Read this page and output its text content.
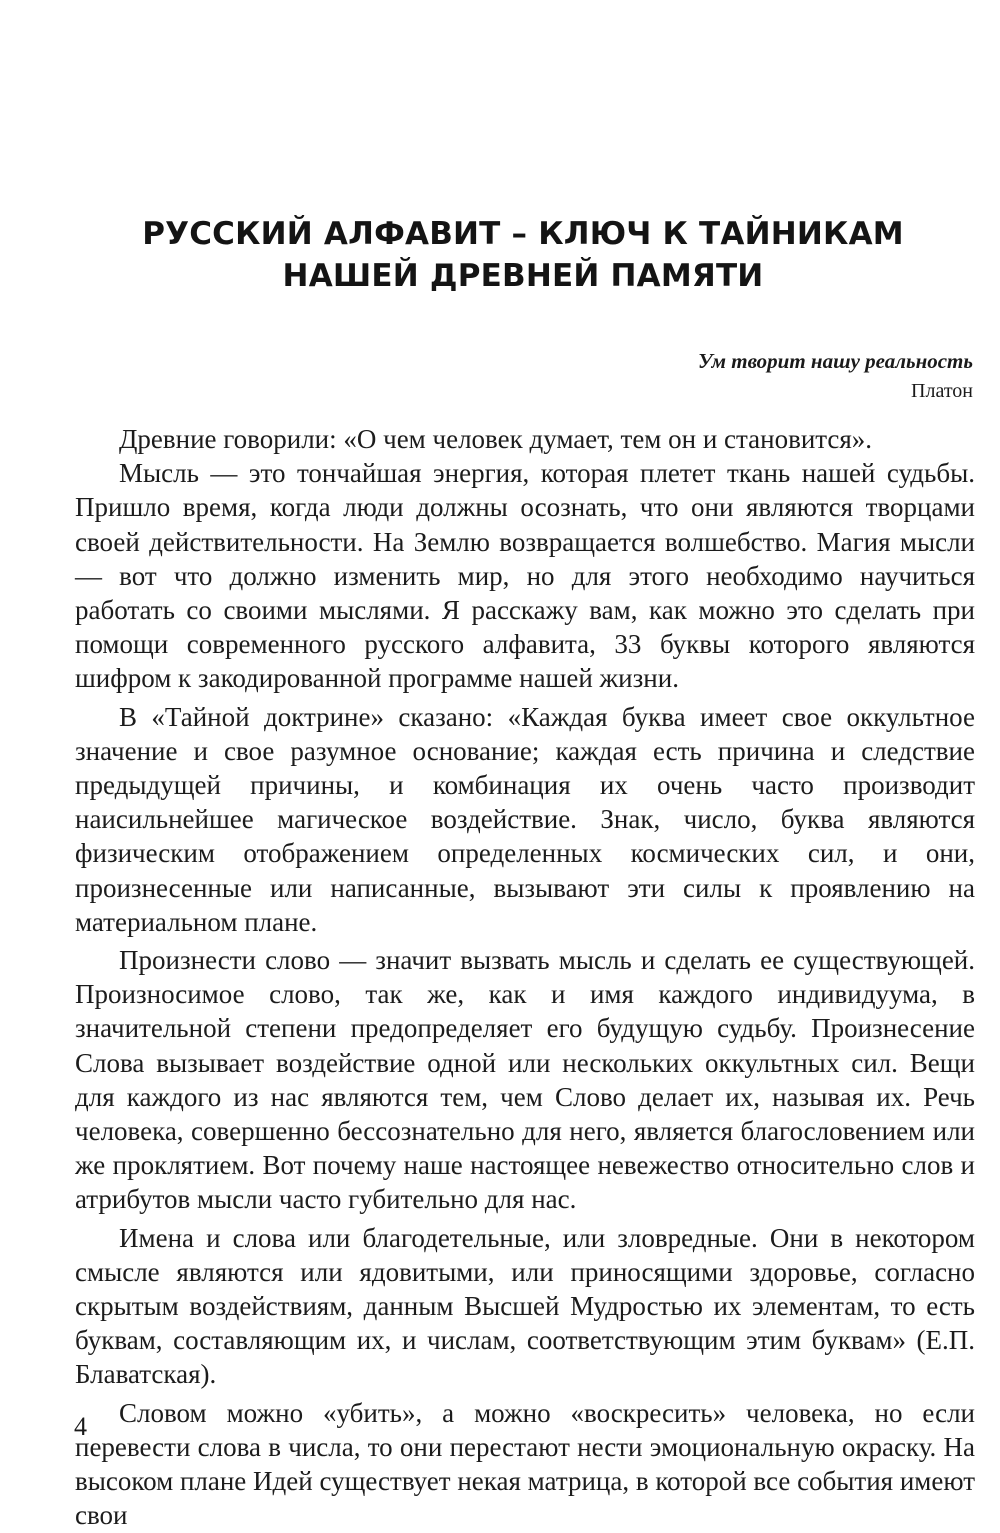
РУССКИЙ АЛФАВИТ – КЛЮЧ К ТАЙНИКАМ
НАШЕЙ ДРЕВНЕЙ ПАМЯТИ
Ум творит нашу реальность
Платон

Древние говорили: «О чем человек думает, тем он и становится».

Мысль — это тончайшая энергия, которая плетет ткань нашей судьбы. Пришло время, когда люди должны осознать, что они являются творцами своей действительности. На Землю возвращается волшебство. Магия мысли — вот что должно изменить мир, но для этого необходимо научиться работать со своими мыслями. Я расскажу вам, как можно это сделать при помощи современного русского алфавита, 33 буквы которого являются шифром к закодированной программе нашей жизни.

В «Тайной доктрине» сказано: «Каждая буква имеет свое оккультное значение и свое разумное основание; каждая есть причина и следствие предыдущей причины, и комбинация их очень часто производит наисильнейшее магическое воздействие. Знак, число, буква являются физическим отображением определенных космических сил, и они, произнесенные или написанные, вызывают эти силы к проявлению на материальном плане.

Произнести слово — значит вызвать мысль и сделать ее существующей. Произносимое слово, так же, как и имя каждого индивидуума, в значительной степени предопределяет его будущую судьбу. Произнесение Слова вызывает воздействие одной или нескольких оккультных сил. Вещи для каждого из нас являются тем, чем Слово делает их, называя их. Речь человека, совершенно бессознательно для него, является благословением или же проклятием. Вот почему наше настоящее невежество относительно слов и атрибутов мысли часто губительно для нас.

Имена и слова или благодетельные, или зловредные. Они в некотором смысле являются или ядовитыми, или приносящими здоровье, согласно скрытым воздействиям, данным Высшей Мудростью их элементам, то есть буквам, составляющим их, и числам, соответствующим этим буквам» (Е.П. Блаватская).

Словом можно «убить», а можно «воскресить» человека, но если перевести слова в числа, то они перестают нести эмоциональную окраску. На высоком плане Идей существует некая матрица, в которой все события имеют свои

4
